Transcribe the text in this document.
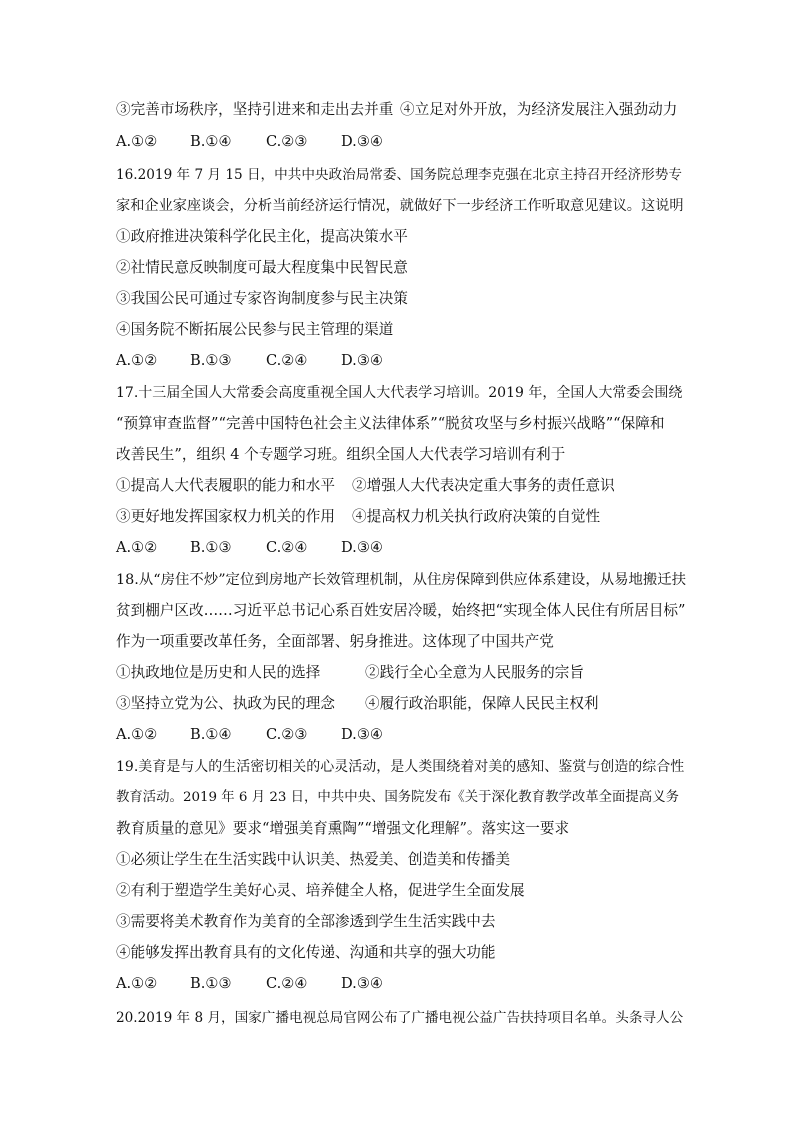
③完善市场秩序，坚持引进来和走出去并重 ④立足对外开放，为经济发展注入强劲动力
A.①② B.①④ C.②③ D.③④
16.2019 年 7 月 15 日，中共中央政治局常委、国务院总理李克强在北京主持召开经济形势专
家和企业家座谈会，分析当前经济运行情况，就做好下一步经济工作听取意见建议。这说明
①政府推进决策科学化民主化，提高决策水平
②社情民意反映制度可最大程度集中民智民意
③我国公民可通过专家咨询制度参与民主决策
④国务院不断拓展公民参与民主管理的渠道
A.①② B.①③ C.②④ D.③④
17.十三届全国人大常委会高度重视全国人大代表学习培训。2019 年，全国人大常委会围绕
“预算审查监督”“完善中国特色社会主义法律体系”“脱贫攻坚与乡村振兴战略”“保障和
改善民生”，组织 4 个专题学习班。组织全国人大代表学习培训有利于
①提高人大代表履职的能力和水平 ②增强人大代表决定重大事务的责任意识
③更好地发挥国家权力机关的作用 ④提高权力机关执行政府决策的自觉性
A.①② B.①③ C.②④ D.③④
18.从“房住不炒”定位到房地产长效管理机制，从住房保障到供应体系建设，从易地搬迁扶
贫到棚户区改……习近平总书记心系百姓安居冷暖，始终把“实现全体人民住有所居目标”
作为一项重要改革任务，全面部署、躬身推进。这体现了中国共产党
①执政地位是历史和人民的选择	②践行全心全意为人民服务的宗旨
③坚持立党为公、执政为民的理念 ④履行政治职能，保障人民民主权利
A.①② B.①④ C.②③ D.③④
19.美育是与人的生活密切相关的心灵活动，是人类围绕着对美的感知、鉴赏与创造的综合性
教育活动。2019 年 6 月 23 日，中共中央、国务院发布《关于深化教育教学改革全面提高义务
教育质量的意见》要求“增强美育熏陶”“增强文化理解”。落实这一要求
①必须让学生在生活实践中认识美、热爱美、创造美和传播美
②有利于塑造学生美好心灵、培养健全人格，促进学生全面发展
③需要将美术教育作为美育的全部渗透到学生生活实践中去
④能够发挥出教育具有的文化传递、沟通和共享的强大功能
A.①② B.①③ C.②④ D.③④
20.2019 年 8 月，国家广播电视总局官网公布了广播电视公益广告扶持项目名单。头条寻人公
